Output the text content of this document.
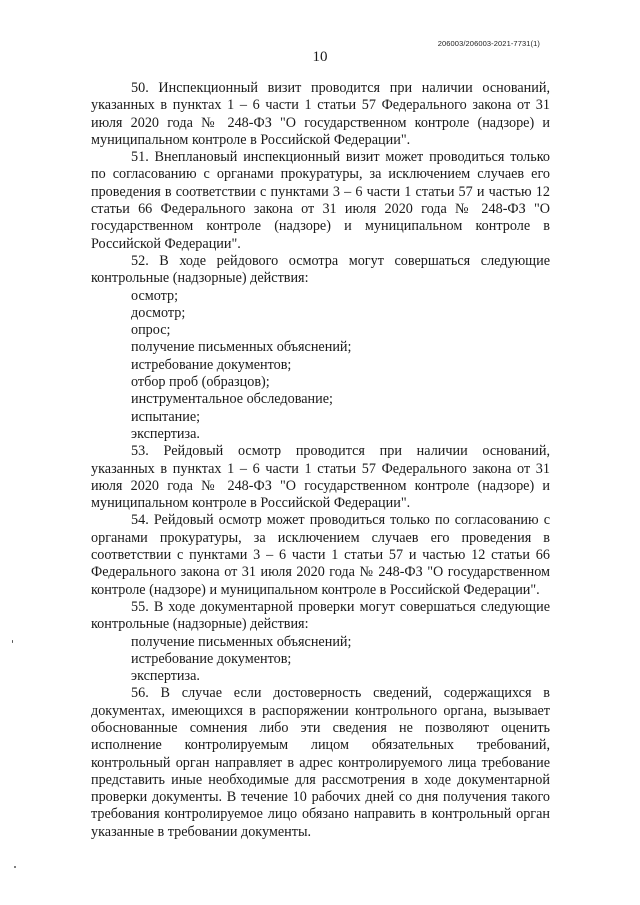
206003/206003-2021-7731(1)
10

50. Инспекционный визит проводится при наличии оснований, указанных в пунктах 1 – 6 части 1 статьи 57 Федерального закона от 31 июля 2020 года № 248-ФЗ "О государственном контроле (надзоре) и муниципальном контроле в Российской Федерации".

51. Внеплановый инспекционный визит может проводиться только по согласованию с органами прокуратуры, за исключением случаев его проведения в соответствии с пунктами 3 – 6 части 1 статьи 57 и частью 12 статьи 66 Федерального закона от 31 июля 2020 года № 248-ФЗ "О государственном контроле (надзоре) и муниципальном контроле в Российской Федерации".

52. В ходе рейдового осмотра могут совершаться следующие контрольные (надзорные) действия:

осмотр;

досмотр;

опрос;

получение письменных объяснений;

истребование документов;

отбор проб (образцов);

инструментальное обследование;

испытание;

экспертиза.

53. Рейдовый осмотр проводится при наличии оснований, указанных в пунктах 1 – 6 части 1 статьи 57 Федерального закона от 31 июля 2020 года № 248-ФЗ "О государственном контроле (надзоре) и муниципальном контроле в Российской Федерации".

54. Рейдовый осмотр может проводиться только по согласованию с органами прокуратуры, за исключением случаев его проведения в соответствии с пунктами 3 – 6 части 1 статьи 57 и частью 12 статьи 66 Федерального закона от 31 июля 2020 года № 248-ФЗ "О государственном контроле (надзоре) и муниципальном контроле в Российской Федерации".

55. В ходе документарной проверки могут совершаться следующие контрольные (надзорные) действия:

получение письменных объяснений;

истребование документов;

экспертиза.

56. В случае если достоверность сведений, содержащихся в документах, имеющихся в распоряжении контрольного органа, вызывает обоснованные сомнения либо эти сведения не позволяют оценить исполнение контролируемым лицом обязательных требований, контрольный орган направляет в адрес контролируемого лица требование представить иные необходимые для рассмотрения в ходе документарной проверки документы. В течение 10 рабочих дней со дня получения такого требования контролируемое лицо обязано направить в контрольный орган указанные в требовании документы.
